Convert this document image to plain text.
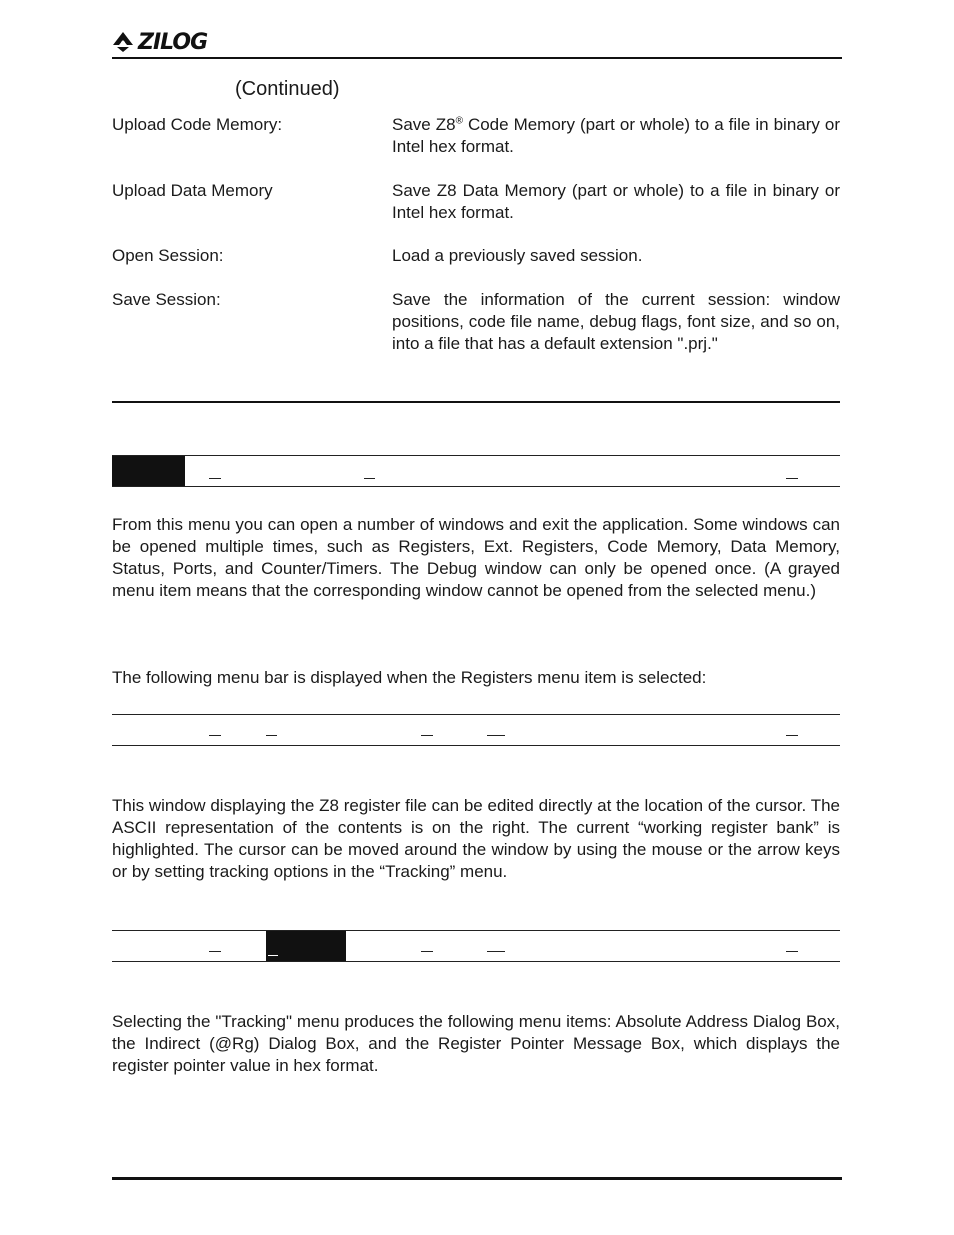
ZILOG
(Continued)
Upload Code Memory:	Save Z8® Code Memory (part or whole) to a file in binary or Intel hex format.
Upload Data Memory	Save Z8 Data Memory (part or whole) to a file in binary or Intel hex format.
Open Session:	Load a previously saved session.
Save Session:	Save the information of the current session: window positions, code file name, debug flags, font size, and so on, into a file that has a default extension ".prj."
From this menu you can open a number of windows and exit the application. Some windows can be opened multiple times, such as Registers, Ext. Registers, Code Memory, Data Memory, Status, Ports, and Counter/Timers. The Debug window can only be opened once. (A grayed menu item means that the corresponding window cannot be opened from the selected menu.)
The following menu bar is displayed when the Registers menu item is selected:
This window displaying the Z8 register file can be edited directly at the location of the cursor. The ASCII representation of the contents is on the right. The current “working register bank” is highlighted. The cursor can be moved around the window by using the mouse or the arrow keys or by setting tracking options in the “Tracking” menu.
Selecting the "Tracking" menu produces the following menu items: Absolute Address Dialog Box, the Indirect (@Rg) Dialog Box, and the Register Pointer Message Box, which displays the register pointer value in hex format.
